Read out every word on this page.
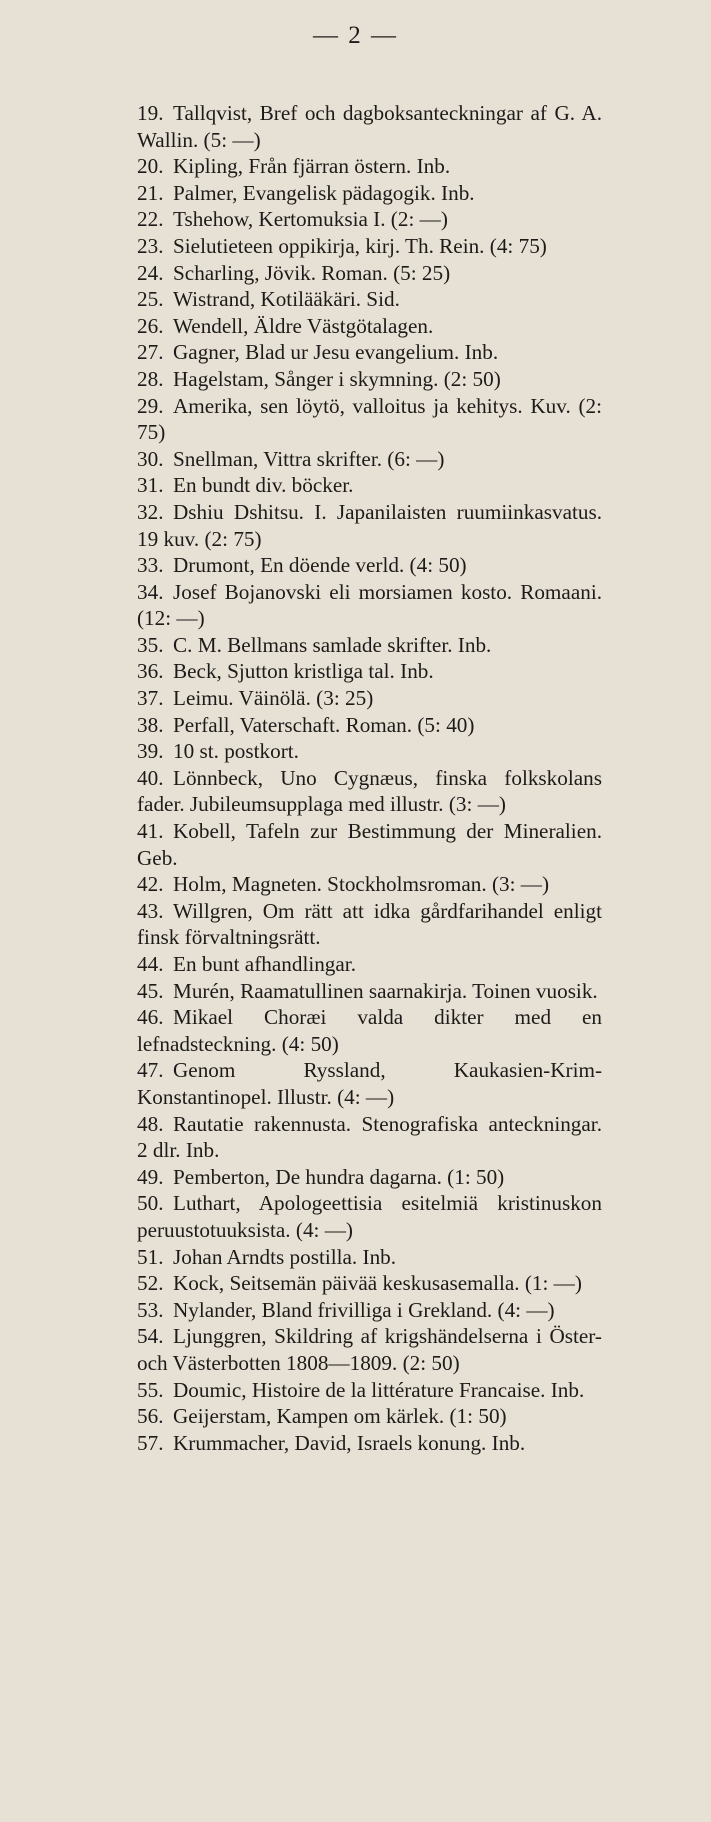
— 2 —

19. Tallqvist, Bref och dagboksanteckningar af G. A. Wallin. (5: —)

20. Kipling, Från fjärran östern. Inb.

21. Palmer, Evangelisk pädagogik. Inb.

22. Tshehow, Kertomuksia I. (2: —)

23. Sielutieteen oppikirja, kirj. Th. Rein. (4: 75)

24. Scharling, Jövik. Roman. (5: 25)

25. Wistrand, Kotilääkäri. Sid.

26. Wendell, Äldre Västgötalagen.

27. Gagner, Blad ur Jesu evangelium. Inb.

28. Hagelstam, Sånger i skymning. (2: 50)

29. Amerika, sen löytö, valloitus ja kehitys. Kuv. (2: 75)

30. Snellman, Vittra skrifter. (6: —)

31. En bundt div. böcker.

32. Dshiu Dshitsu. I. Japanilaisten ruumiinkasvatus. 19 kuv. (2: 75)

33. Drumont, En döende verld. (4: 50)

34. Josef Bojanovski eli morsiamen kosto. Romaani. (12: —)

35. C. M. Bellmans samlade skrifter. Inb.

36. Beck, Sjutton kristliga tal. Inb.

37. Leimu. Väinölä. (3: 25)

38. Perfall, Vaterschaft. Roman. (5: 40)

39. 10 st. postkort.

40. Lönnbeck, Uno Cygnæus, finska folkskolans fader. Jubileumsupplaga med illustr. (3: —)

41. Kobell, Tafeln zur Bestimmung der Mineralien. Geb.

42. Holm, Magneten. Stockholmsroman. (3: —)

43. Willgren, Om rätt att idka gårdfarihandel enligt finsk förvaltningsrätt.

44. En bunt afhandlingar.

45. Murén, Raamatullinen saarnakirja. Toinen vuosik.

46. Mikael Choræi valda dikter med en lefnadsteckning. (4: 50)

47. Genom Ryssland, Kaukasien-Krim-Konstantinopel. Illustr. (4: —)

48. Rautatie rakennusta. Stenografiska anteckningar. 2 dlr. Inb.

49. Pemberton, De hundra dagarna. (1: 50)

50. Luthart, Apologeettisia esitelmiä kristinuskon peruustotuuksista. (4: —)

51. Johan Arndts postilla. Inb.

52. Kock, Seitsemän päivää keskusasemalla. (1: —)

53. Nylander, Bland frivilliga i Grekland. (4: —)

54. Ljunggren, Skildring af krigshändelserna i Öster- och Västerbotten 1808—1809. (2: 50)

55. Doumic, Histoire de la littérature Francaise. Inb.

56. Geijerstam, Kampen om kärlek. (1: 50)

57. Krummacher, David, Israels konung. Inb.
